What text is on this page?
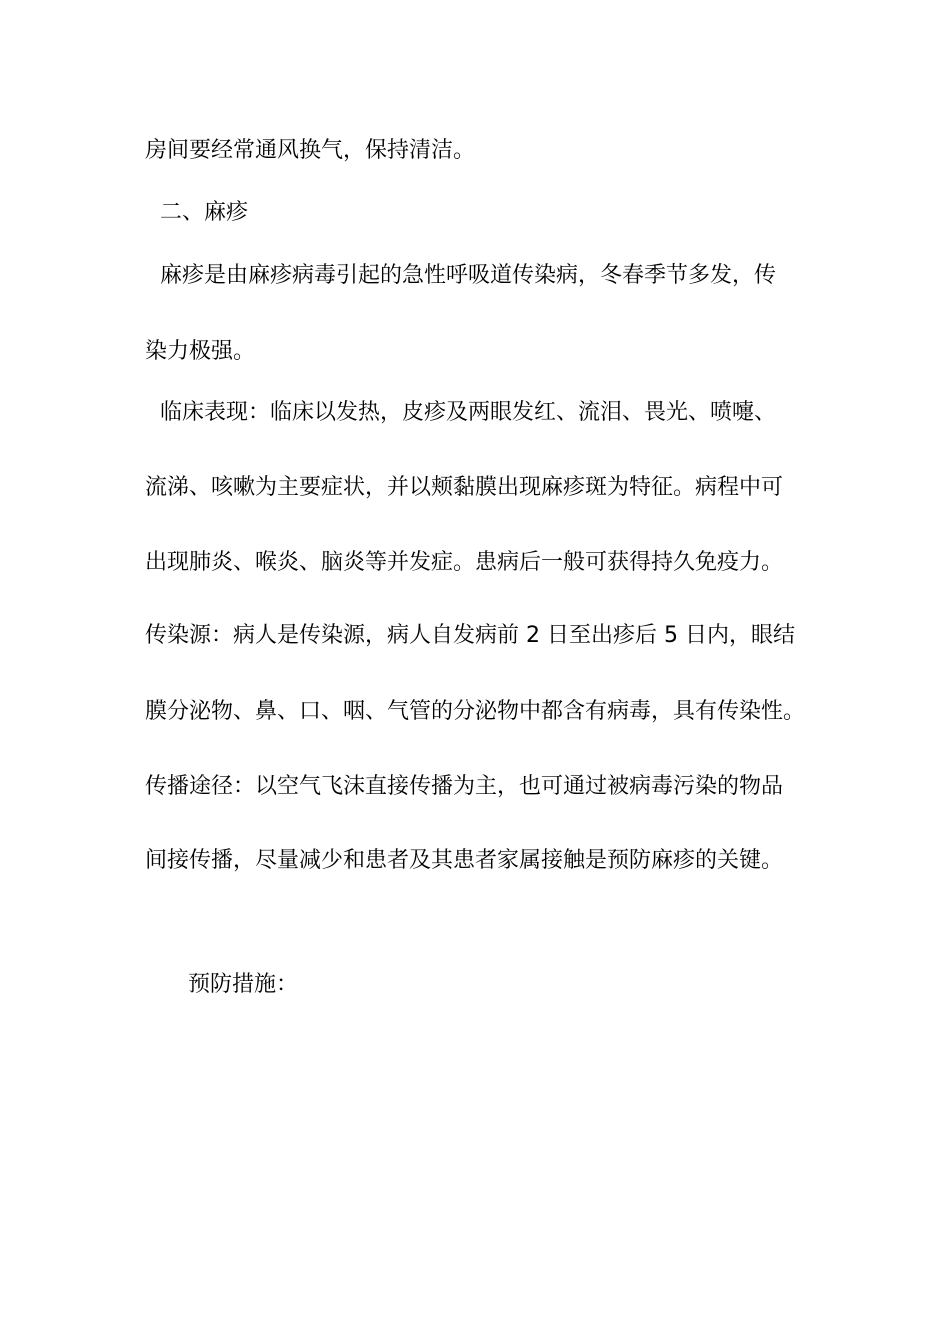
房间要经常通风换气，保持清洁。
二、麻疹
麻疹是由麻疹病毒引起的急性呼吸道传染病，冬春季节多发，传
染力极强。
临床表现：临床以发热，皮疹及两眼发红、流泪、畏光、喷嚏、
流涕、咳嗽为主要症状，并以颊黏膜出现麻疹斑为特征。病程中可
出现肺炎、喉炎、脑炎等并发症。患病后一般可获得持久免疫力。
传染源：病人是传染源，病人自发病前 2 日至出疹后 5 日内，眼结
膜分泌物、鼻、口、咽、气管的分泌物中都含有病毒，具有传染性。
传播途径：以空气飞沫直接传播为主，也可通过被病毒污染的物品
间接传播，尽量减少和患者及其患者家属接触是预防麻疹的关键。
预防措施：
